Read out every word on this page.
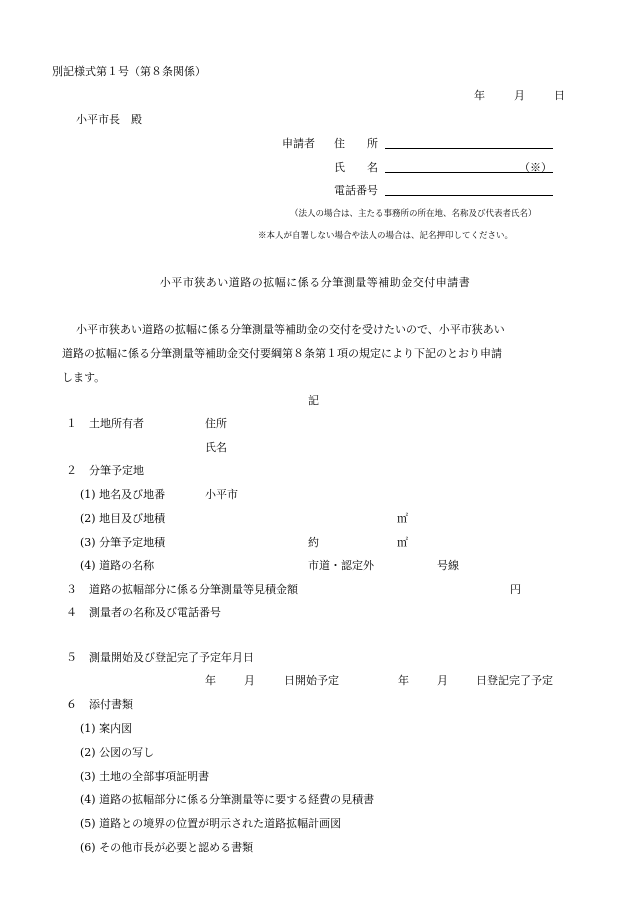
別記様式第１号（第８条関係）
年	月	日
小平市長　殿
申請者 住　　所
氏　　名	（※）
電話番号
（法人の場合は、主たる事務所の所在地、名称及び代表者氏名）
※本人が自署しない場合や法人の場合は、記名押印してください。
小平市狭あい道路の拡幅に係る分筆測量等補助金交付申請書
小平市狭あい道路の拡幅に係る分筆測量等補助金の交付を受けたいので、小平市狭あい
道路の拡幅に係る分筆測量等補助金交付要綱第８条第１項の規定により下記のとおり申請
します。
記
１ 土地所有者	住所
氏名
２ 分筆予定地
(1) 地名及び地番	小平市
(2) 地目及び地積	㎡
(3) 分筆予定地積	約	㎡
(4) 道路の名称	市道・認定外	号線
３ 道路の拡幅部分に係る分筆測量等見積金額	円
４ 測量者の名称及び電話番号
５ 測量開始及び登記完了予定年月日
年	月	日開始予定	年	月	日登記完了予定
６ 添付書類
(1) 案内図
(2) 公図の写し
(3) 土地の全部事項証明書
(4) 道路の拡幅部分に係る分筆測量等に要する経費の見積書
(5) 道路との境界の位置が明示された道路拡幅計画図
(6) その他市長が必要と認める書類
